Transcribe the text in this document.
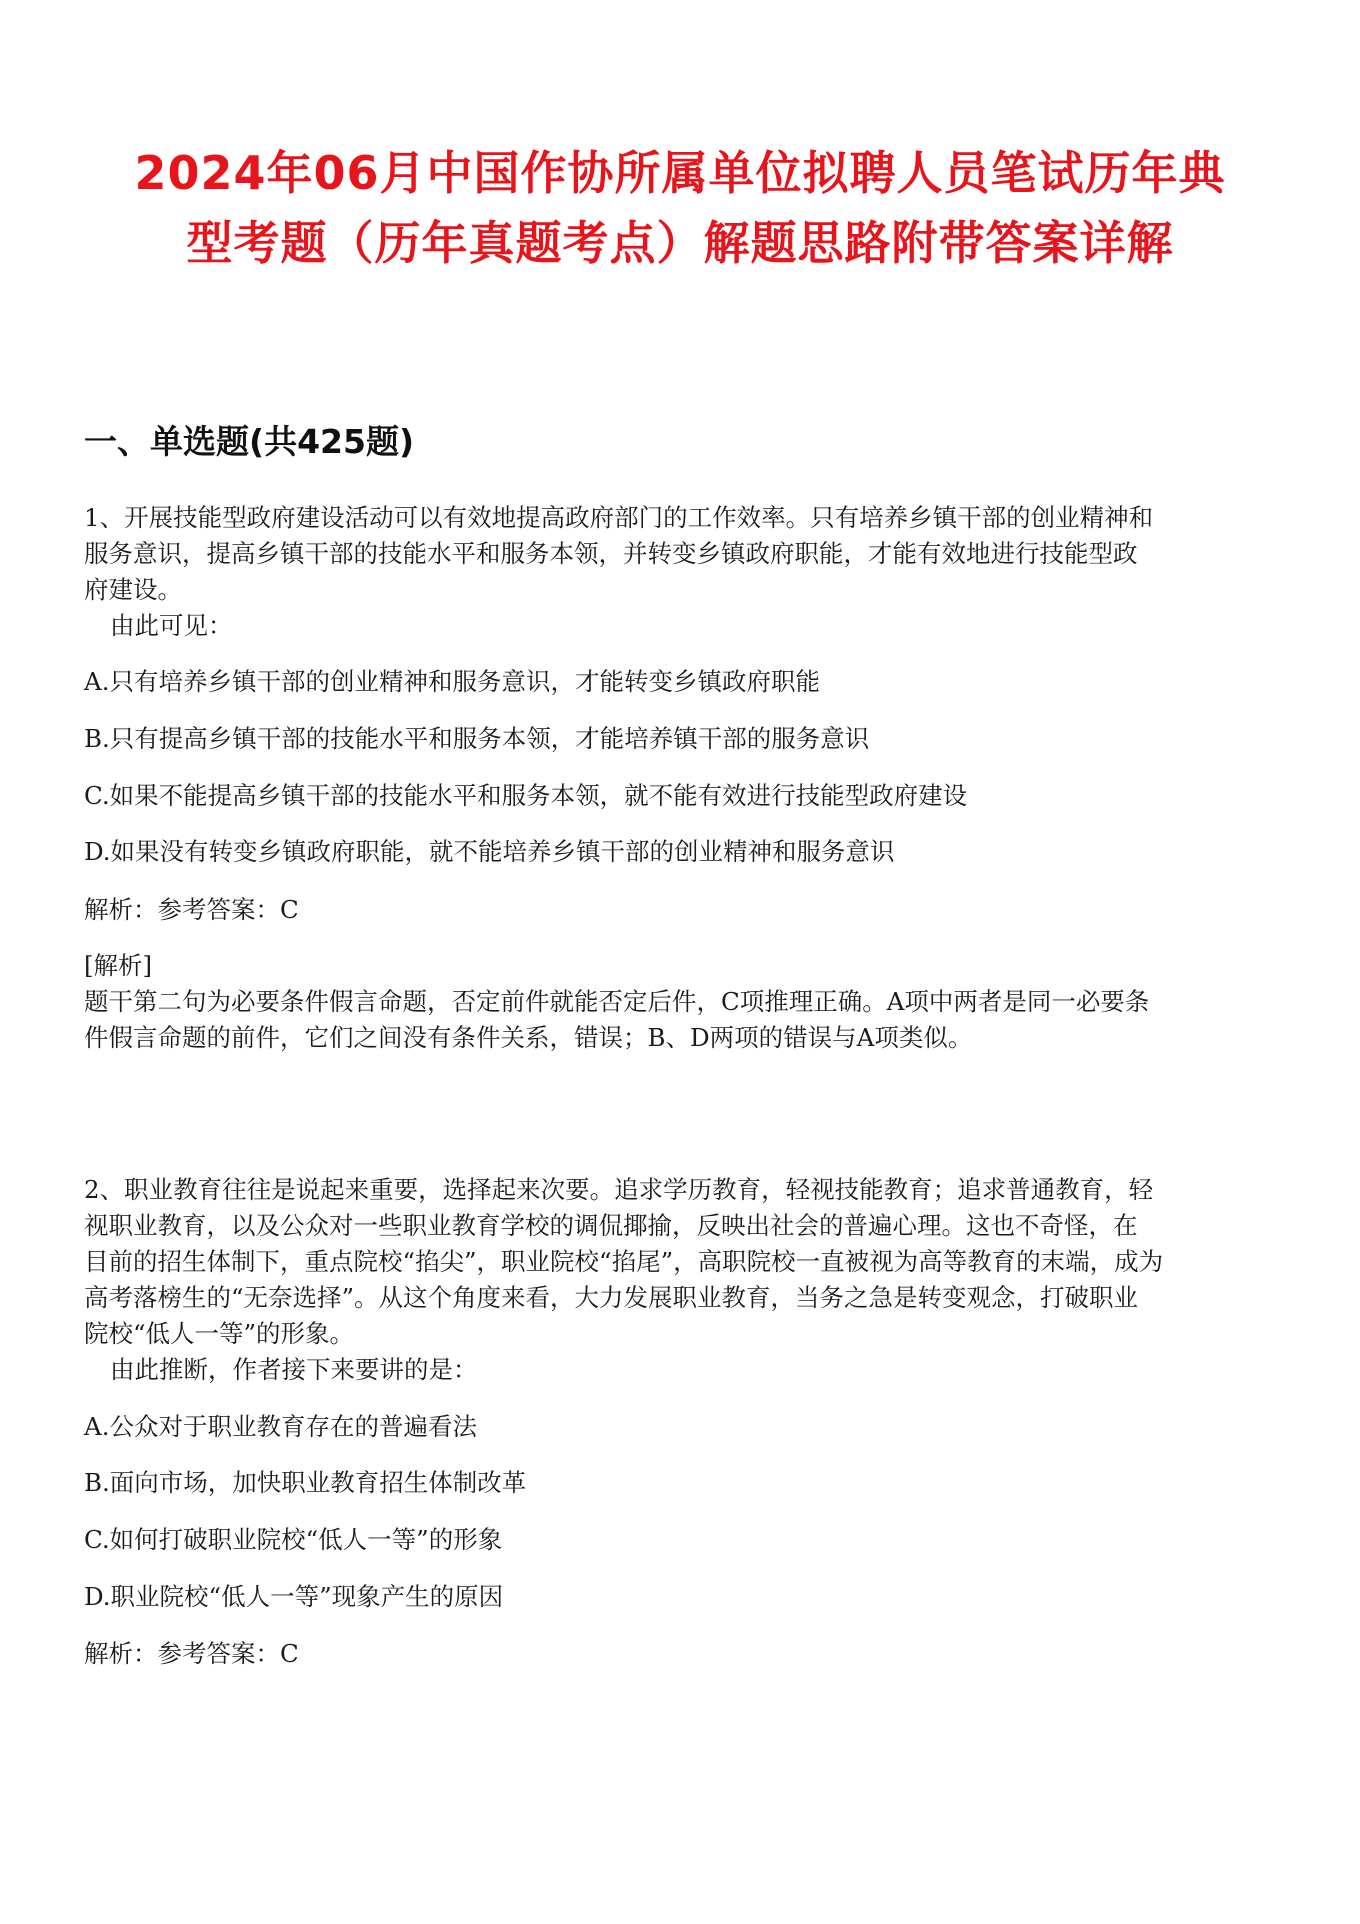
2024年06月中国作协所属单位拟聘人员笔试历年典
型考题（历年真题考点）解题思路附带答案详解
一、单选题(共425题)
1、开展技能型政府建设活动可以有效地提高政府部门的工作效率。只有培养乡镇干部的创业精神和
服务意识，提高乡镇干部的技能水平和服务本领，并转变乡镇政府职能，才能有效地进行技能型政
府建设。
由此可见：
A.只有培养乡镇干部的创业精神和服务意识，才能转变乡镇政府职能
B.只有提高乡镇干部的技能水平和服务本领，才能培养镇干部的服务意识
C.如果不能提高乡镇干部的技能水平和服务本领，就不能有效进行技能型政府建设
D.如果没有转变乡镇政府职能，就不能培养乡镇干部的创业精神和服务意识
解析：参考答案：C
[解析]
题干第二句为必要条件假言命题，否定前件就能否定后件，C项推理正确。A项中两者是同一必要条
件假言命题的前件，它们之间没有条件关系，错误；B、D两项的错误与A项类似。
2、职业教育往往是说起来重要，选择起来次要。追求学历教育，轻视技能教育；追求普通教育，轻
视职业教育，以及公众对一些职业教育学校的调侃揶揄，反映出社会的普遍心理。这也不奇怪，在
目前的招生体制下，重点院校“掐尖”，职业院校“掐尾”，高职院校一直被视为高等教育的末端，成为
高考落榜生的“无奈选择”。从这个角度来看，大力发展职业教育，当务之急是转变观念，打破职业
院校“低人一等”的形象。
由此推断，作者接下来要讲的是：
A.公众对于职业教育存在的普遍看法
B.面向市场，加快职业教育招生体制改革
C.如何打破职业院校“低人一等”的形象
D.职业院校“低人一等”现象产生的原因
解析：参考答案：C
